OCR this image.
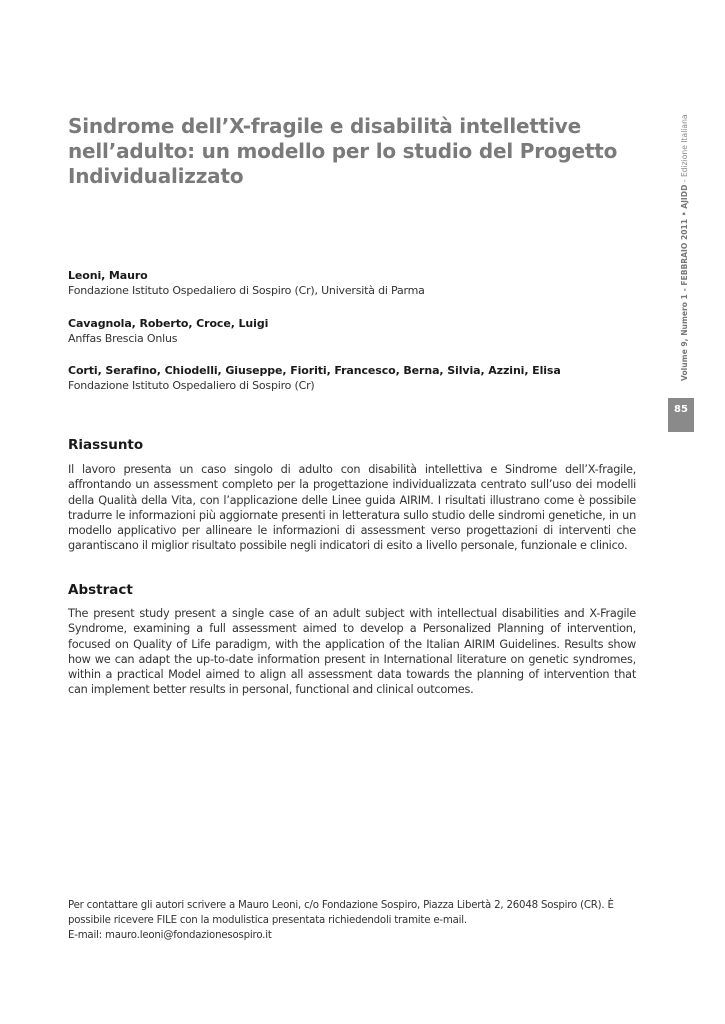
Sindrome dell’X-fragile e disabilità intellettive nell’adulto: un modello per lo studio del Progetto Individualizzato
Leoni, Mauro
Fondazione Istituto Ospedaliero di Sospiro (Cr), Università di Parma
Cavagnola, Roberto, Croce, Luigi
Anffas Brescia Onlus
Corti, Serafino, Chiodelli, Giuseppe, Fioriti, Francesco, Berna, Silvia, Azzini, Elisa
Fondazione Istituto Ospedaliero di Sospiro (Cr)
Riassunto
Il lavoro presenta un caso singolo di adulto con disabilità intellettiva e Sindrome dell’X-fragile, affrontando un assessment completo per la progettazione individualizzata centrato sull’uso dei modelli della Qualità della Vita, con l’applicazione delle Linee guida AIRIM. I risultati illustrano come è possibile tradurre le informazioni più aggiornate presenti in letteratura sullo studio delle sindromi genetiche, in un modello applicativo per allineare le informazioni di assessment verso progettazioni di interventi che garantiscano il miglior risultato possibile negli indicatori di esito a livello personale, funzionale e clinico.
Abstract
The present study present a single case of an adult subject with intellectual disabilities and X-Fragile Syndrome, examining a full assessment aimed to develop a Personalized Planning of intervention, focused on Quality of Life paradigm, with the application of the Italian AIRIM Guidelines. Results show how we can adapt the up-to-date information present in International literature on genetic syndromes, within a practical Model aimed to align all assessment data towards the planning of intervention that can implement better results in personal, functional and clinical outcomes.
Per contattare gli autori scrivere a Mauro Leoni, c/o Fondazione Sospiro, Piazza Libertà 2, 26048 Sospiro (CR). È possibile ricevere FILE con la modulistica presentata richiedendoli tramite e-mail.
E-mail: mauro.leoni@fondazionesospiro.it
Volume 9, Numero 1 - FEBBRAIO 2011 • AJIDD - Edizione Italiana
85
